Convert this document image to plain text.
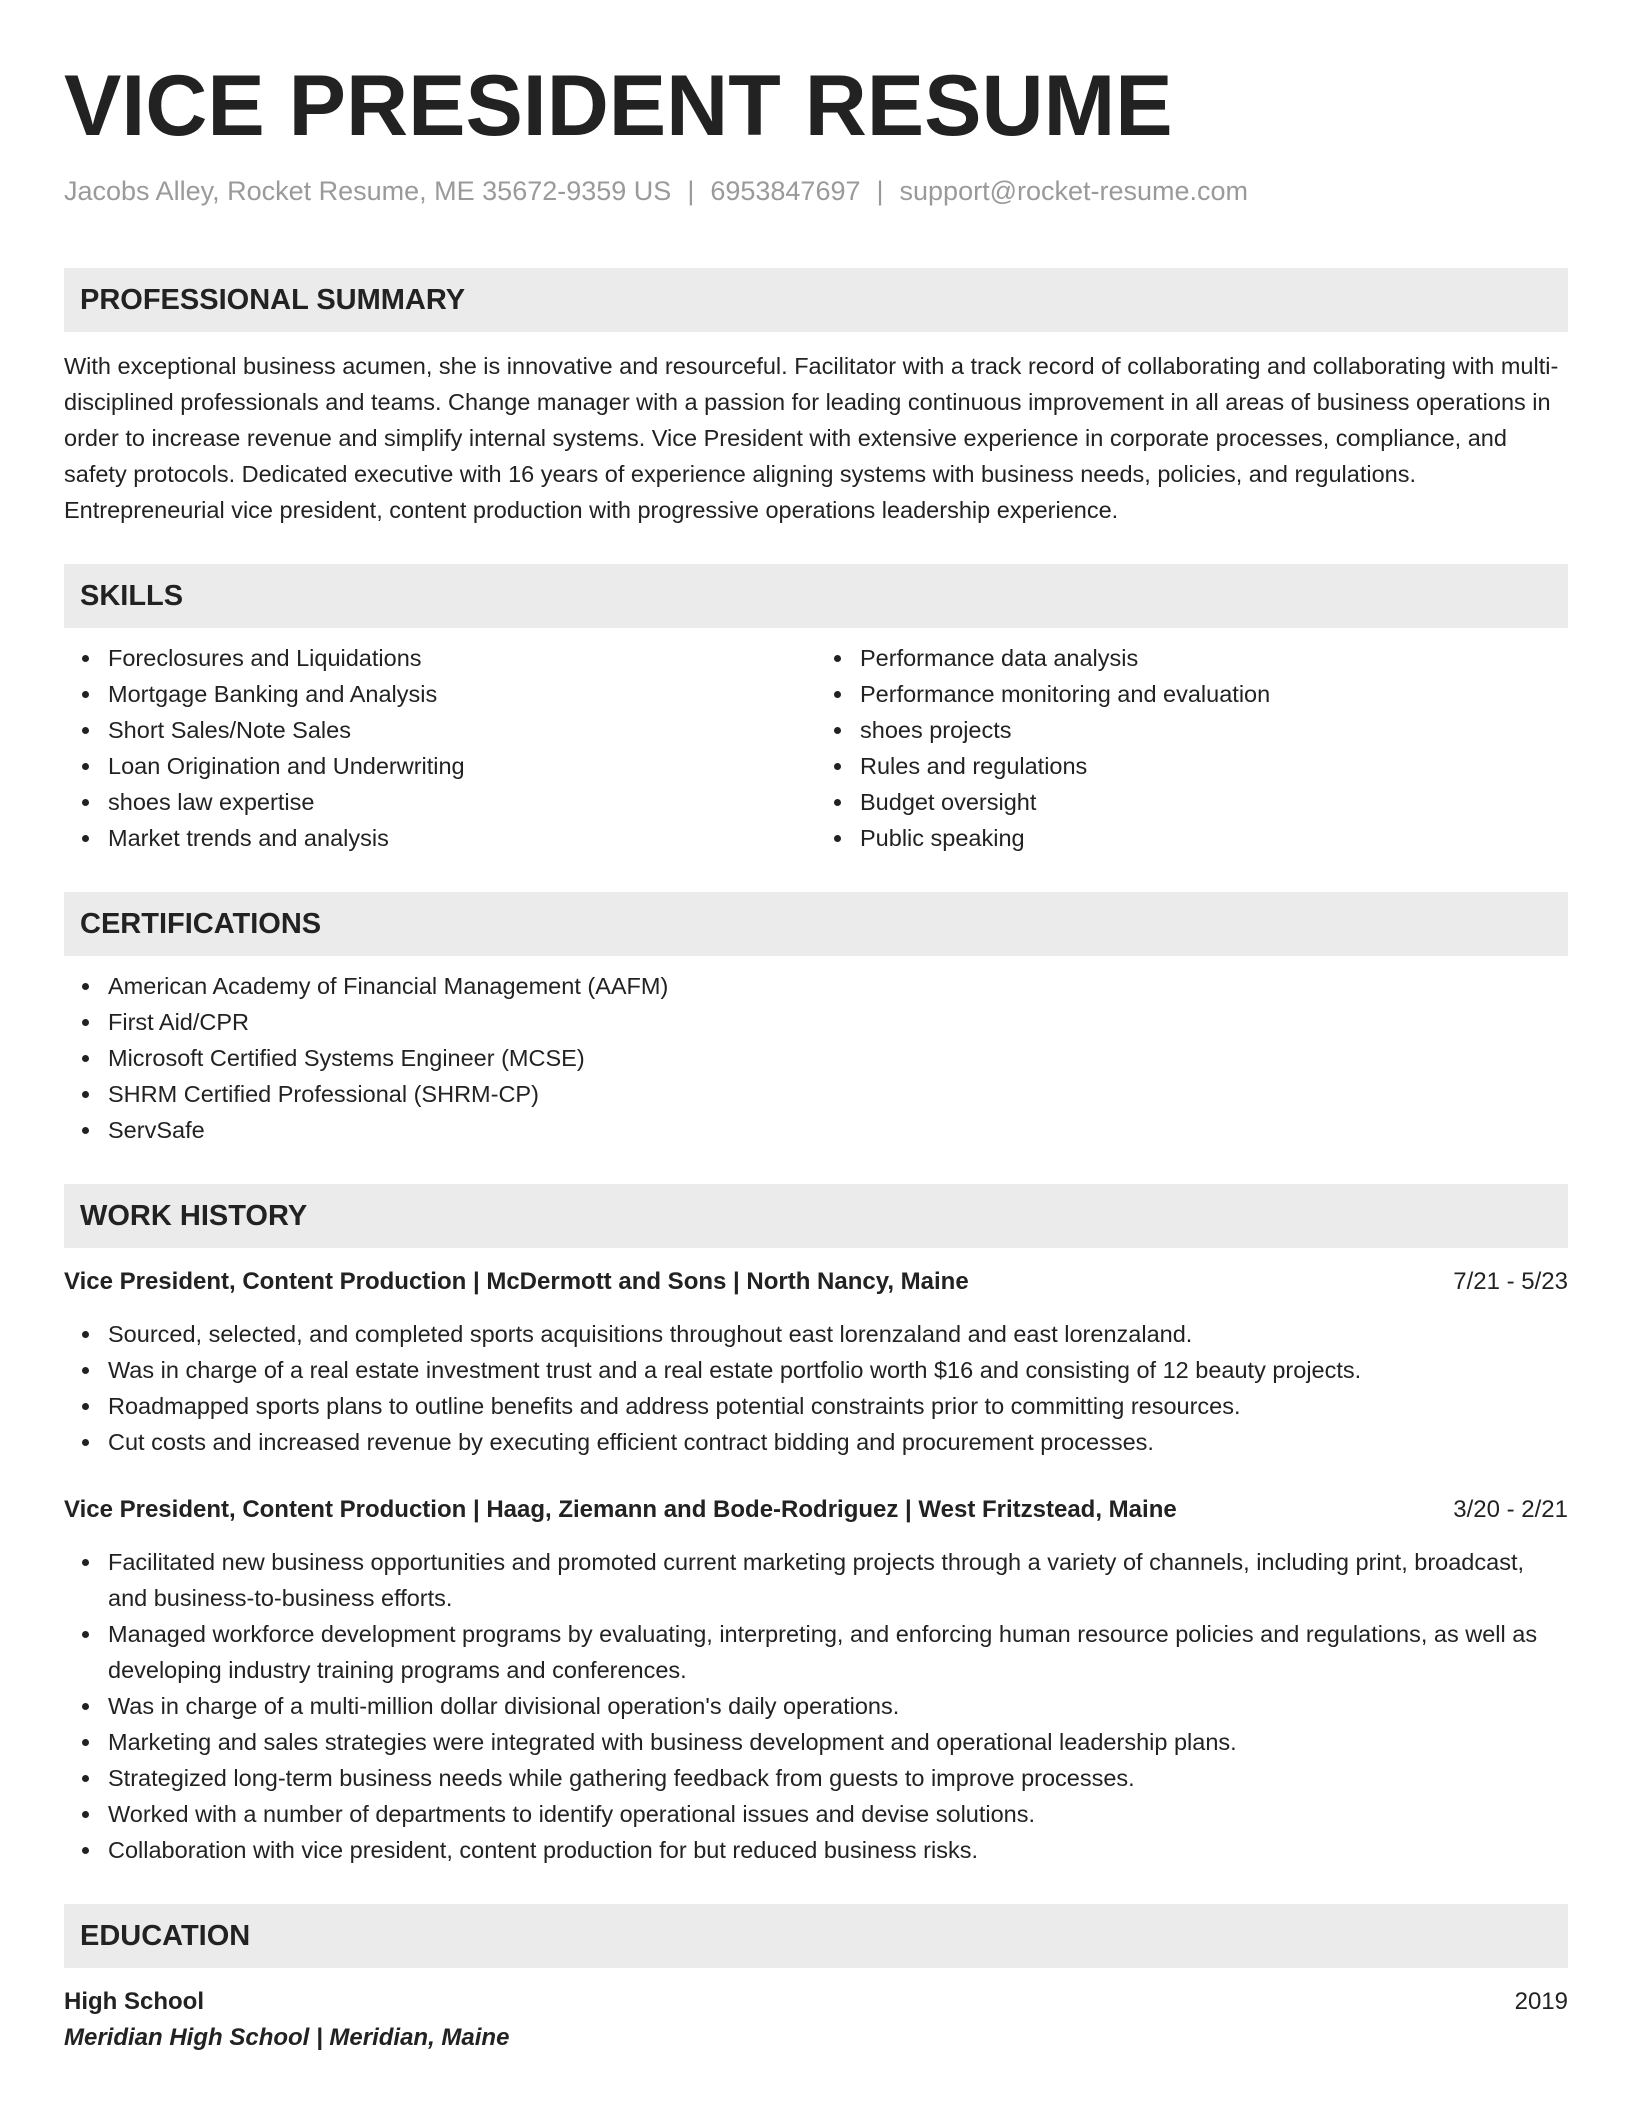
VICE PRESIDENT RESUME
Jacobs Alley, Rocket Resume, ME 35672-9359 US | 6953847697 | support@rocket-resume.com
PROFESSIONAL SUMMARY
With exceptional business acumen, she is innovative and resourceful. Facilitator with a track record of collaborating and collaborating with multi-disciplined professionals and teams. Change manager with a passion for leading continuous improvement in all areas of business operations in order to increase revenue and simplify internal systems. Vice President with extensive experience in corporate processes, compliance, and safety protocols. Dedicated executive with 16 years of experience aligning systems with business needs, policies, and regulations. Entrepreneurial vice president, content production with progressive operations leadership experience.
SKILLS
Foreclosures and Liquidations
Mortgage Banking and Analysis
Short Sales/Note Sales
Loan Origination and Underwriting
shoes law expertise
Market trends and analysis
Performance data analysis
Performance monitoring and evaluation
shoes projects
Rules and regulations
Budget oversight
Public speaking
CERTIFICATIONS
American Academy of Financial Management (AAFM)
First Aid/CPR
Microsoft Certified Systems Engineer (MCSE)
SHRM Certified Professional (SHRM-CP)
ServSafe
WORK HISTORY
Vice President, Content Production | McDermott and Sons | North Nancy, Maine	7/21 - 5/23
Sourced, selected, and completed sports acquisitions throughout east lorenzaland and east lorenzaland.
Was in charge of a real estate investment trust and a real estate portfolio worth $16 and consisting of 12 beauty projects.
Roadmapped sports plans to outline benefits and address potential constraints prior to committing resources.
Cut costs and increased revenue by executing efficient contract bidding and procurement processes.
Vice President, Content Production | Haag, Ziemann and Bode-Rodriguez | West Fritzstead, Maine	3/20 - 2/21
Facilitated new business opportunities and promoted current marketing projects through a variety of channels, including print, broadcast, and business-to-business efforts.
Managed workforce development programs by evaluating, interpreting, and enforcing human resource policies and regulations, as well as developing industry training programs and conferences.
Was in charge of a multi-million dollar divisional operation's daily operations.
Marketing and sales strategies were integrated with business development and operational leadership plans.
Strategized long-term business needs while gathering feedback from guests to improve processes.
Worked with a number of departments to identify operational issues and devise solutions.
Collaboration with vice president, content production for but reduced business risks.
EDUCATION
High School	2019
Meridian High School | Meridian, Maine
